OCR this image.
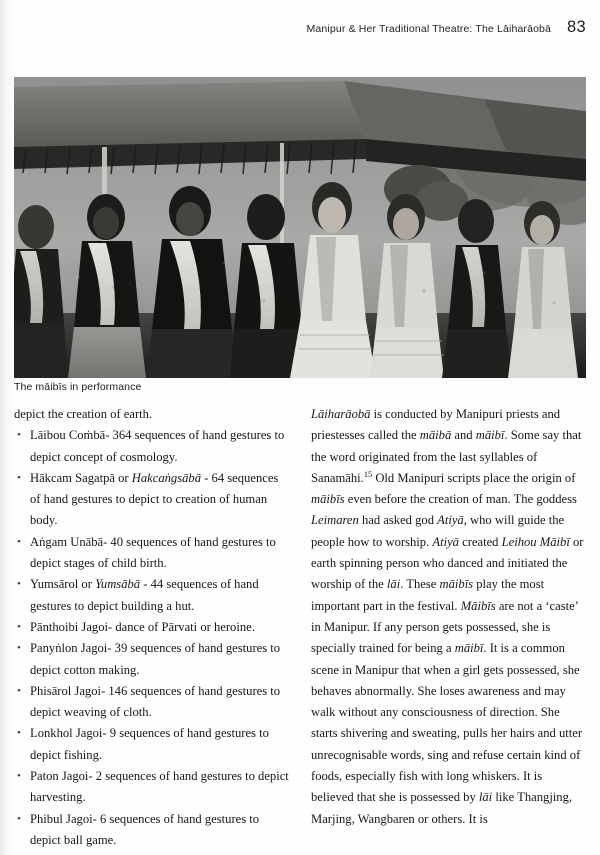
Manipur & Her Traditional Theatre: The Lāiharāobā 83
The māibīs in performance

depict the creation of earth.

• Lāibou Coṁbā- 364 sequences of hand gestures to depict concept of cosmology.
• Hākcam Sagatpā or Hakcaṅgsābā - 64 sequences of hand gestures to depict to creation of human body.
• Aṅgam Unābā- 40 sequences of hand gestures to depict stages of child birth.
• Yumsārol or Yumsābā - 44 sequences of hand gestures to depict building a hut.
• Pānthoibi Jagoi- dance of Pārvati or heroine.
• Panyṅlon Jagoi- 39 sequences of hand gestures to depict cotton making.
• Phisārol Jagoi- 146 sequences of hand gestures to depict weaving of cloth.
• Lonkhol Jagoi- 9 sequences of hand gestures to depict fishing.
• Paton Jagoi- 2 sequences of hand gestures to depict harvesting.
• Phibul Jagoi- 6 sequences of hand gestures to depict ball game.

Lāiharāobā is conducted by Manipuri priests and priestesses called the māibā and māibī. Some say that the word originated from the last syllables of Sanamāhi.$^{15}$ Old Manipuri scripts place the origin of māibīs even before the creation of man. The goddess Leimaren had asked god Atiyā, who will guide the people how to worship. Atiyā created Leihou Māibī or earth spinning person who danced and initiated the worship of the lāi. These māibīs play the most important part in the festival. Māibīs are not a ‘caste’ in Manipur. If any person gets possessed, she is specially trained for being a māibī. It is a common scene in Manipur that when a girl gets possessed, she behaves abnormally. She loses awareness and may walk without any consciousness of direction. She starts shivering and sweating, pulls her hairs and utter unrecognisable words, sing and refuse certain kind of foods, especially fish with long whiskers. It is believed that she is possessed by lāi like Thangjing, Marjing, Wangbaren or others. It is
